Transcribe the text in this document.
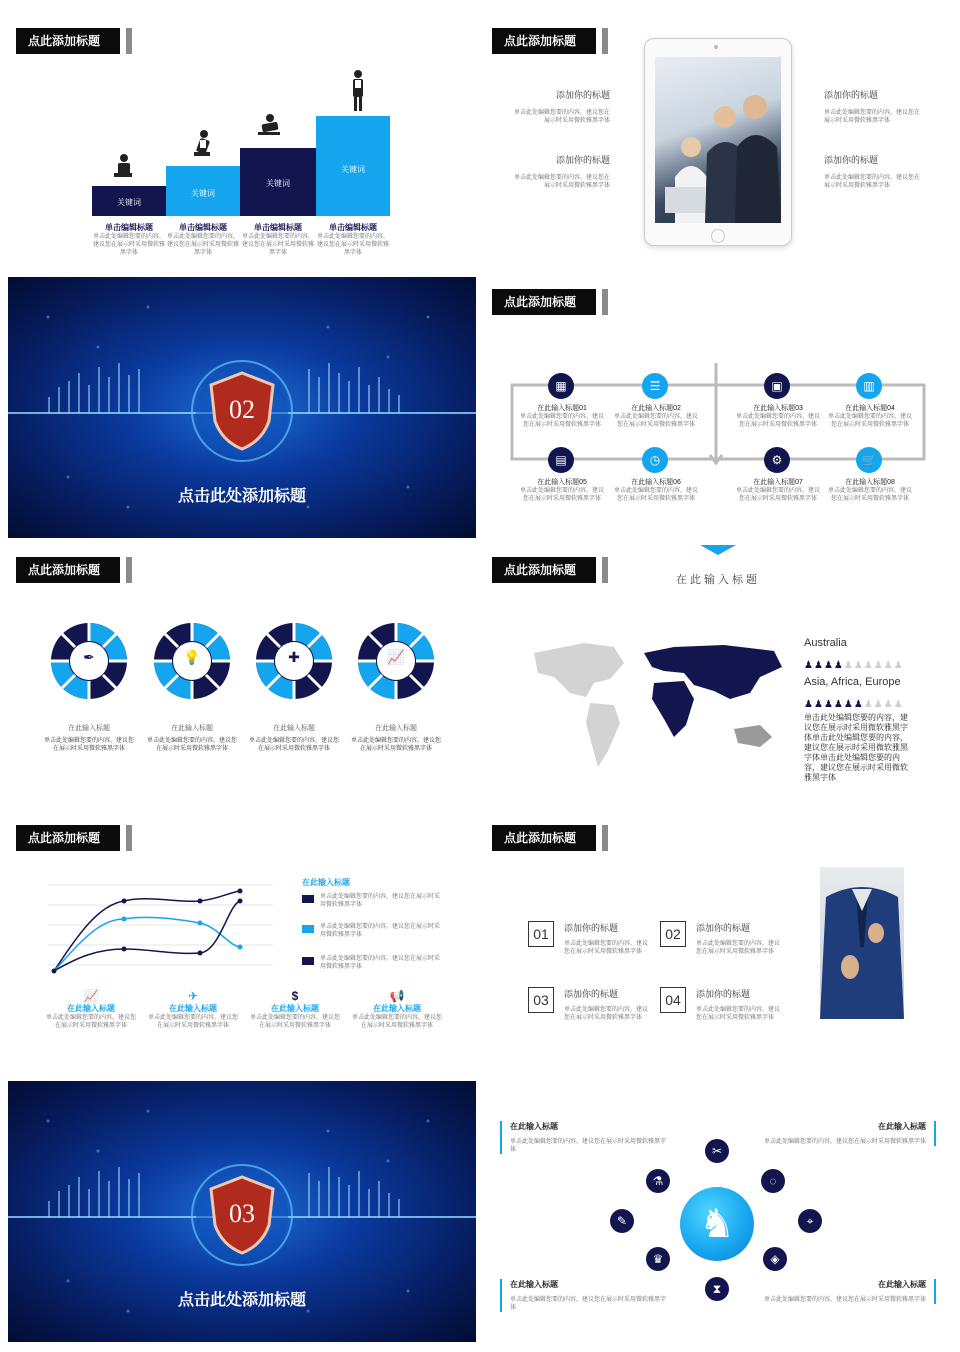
点此添加标题
关键词
关键词
关键词
关键词
单击编辑标题
单击此处编辑您要的内容，建议您在展示时采用微软雅黑字体
单击编辑标题
单击此处编辑您要的内容，建议您在展示时采用微软雅黑字体
单击编辑标题
单击此处编辑您要的内容，建议您在展示时采用微软雅黑字体
单击编辑标题
单击此处编辑您要的内容，建议您在展示时采用微软雅黑字体
点此添加标题
添加你的标题
单击此处编辑您要的内容，建议您在展示时采用微软雅黑字体
添加你的标题
单击此处编辑您要的内容，建议您在展示时采用微软雅黑字体
添加你的标题
单击此处编辑您要的内容，建议您在展示时采用微软雅黑字体
添加你的标题
单击此处编辑您要的内容，建议您在展示时采用微软雅黑字体
02
点击此处添加标题
点此添加标题
▦
在此输入标题01
单击此处编辑您要的内容，建议您在展示时采用微软雅黑字体
☰
在此输入标题02
单击此处编辑您要的内容，建议您在展示时采用微软雅黑字体
▣
在此输入标题03
单击此处编辑您要的内容，建议您在展示时采用微软雅黑字体
▥
在此输入标题04
单击此处编辑您要的内容，建议您在展示时采用微软雅黑字体
▤
在此输入标题05
单击此处编辑您要的内容，建议您在展示时采用微软雅黑字体
◷
在此输入标题06
单击此处编辑您要的内容，建议您在展示时采用微软雅黑字体
⚙
在此输入标题07
单击此处编辑您要的内容，建议您在展示时采用微软雅黑字体
🛒
在此输入标题08
单击此处编辑您要的内容，建议您在展示时采用微软雅黑字体
点此添加标题
✒	💡	✚	📈
在此输入标题
单击此处编辑您要的内容，建议您在展示时采用微软雅黑字体
在此输入标题
单击此处编辑您要的内容，建议您在展示时采用微软雅黑字体
在此输入标题
单击此处编辑您要的内容，建议您在展示时采用微软雅黑字体
在此输入标题
单击此处编辑您要的内容，建议您在展示时采用微软雅黑字体
点此添加标题
在此输入标题
Australia
♟♟♟♟♟♟♟♟♟♟
Asia, Africa, Europe
♟♟♟♟♟♟♟♟♟♟
单击此处编辑您要的内容，建议您在展示时采用微软雅黑字体单击此处编辑您要的内容，建议您在展示时采用微软雅黑字体单击此处编辑您要的内容，建议您在展示时采用微软雅黑字体
点此添加标题
在此输入标题
单击此处编辑您要的内容，建议您在展示时采用微软雅黑字体
单击此处编辑您要的内容，建议您在展示时采用微软雅黑字体
单击此处编辑您要的内容，建议您在展示时采用微软雅黑字体
📈
在此输入标题
单击此处编辑您要的内容，建议您在展示时采用微软雅黑字体
✈
在此输入标题
单击此处编辑您要的内容，建议您在展示时采用微软雅黑字体
$
在此输入标题
单击此处编辑您要的内容，建议您在展示时采用微软雅黑字体
📢
在此输入标题
单击此处编辑您要的内容，建议您在展示时采用微软雅黑字体
点此添加标题
01	添加你的标题
单击此处编辑您要的内容，建议您在展示时采用微软雅黑字体
02	添加你的标题
单击此处编辑您要的内容，建议您在展示时采用微软雅黑字体
03	添加你的标题
单击此处编辑您要的内容，建议您在展示时采用微软雅黑字体
04	添加你的标题
单击此处编辑您要的内容，建议您在展示时采用微软雅黑字体
03
点击此处添加标题
在此输入标题
单击此处编辑您要的内容，建议您在展示时采用微软雅黑字体
在此输入标题
单击此处编辑您要的内容，建议您在展示时采用微软雅黑字体
在此输入标题
单击此处编辑您要的内容，建议您在展示时采用微软雅黑字体
在此输入标题
单击此处编辑您要的内容，建议您在展示时采用微软雅黑字体
♞
✂
◌
⌖
◈
⧗
♛
✎
⚗
